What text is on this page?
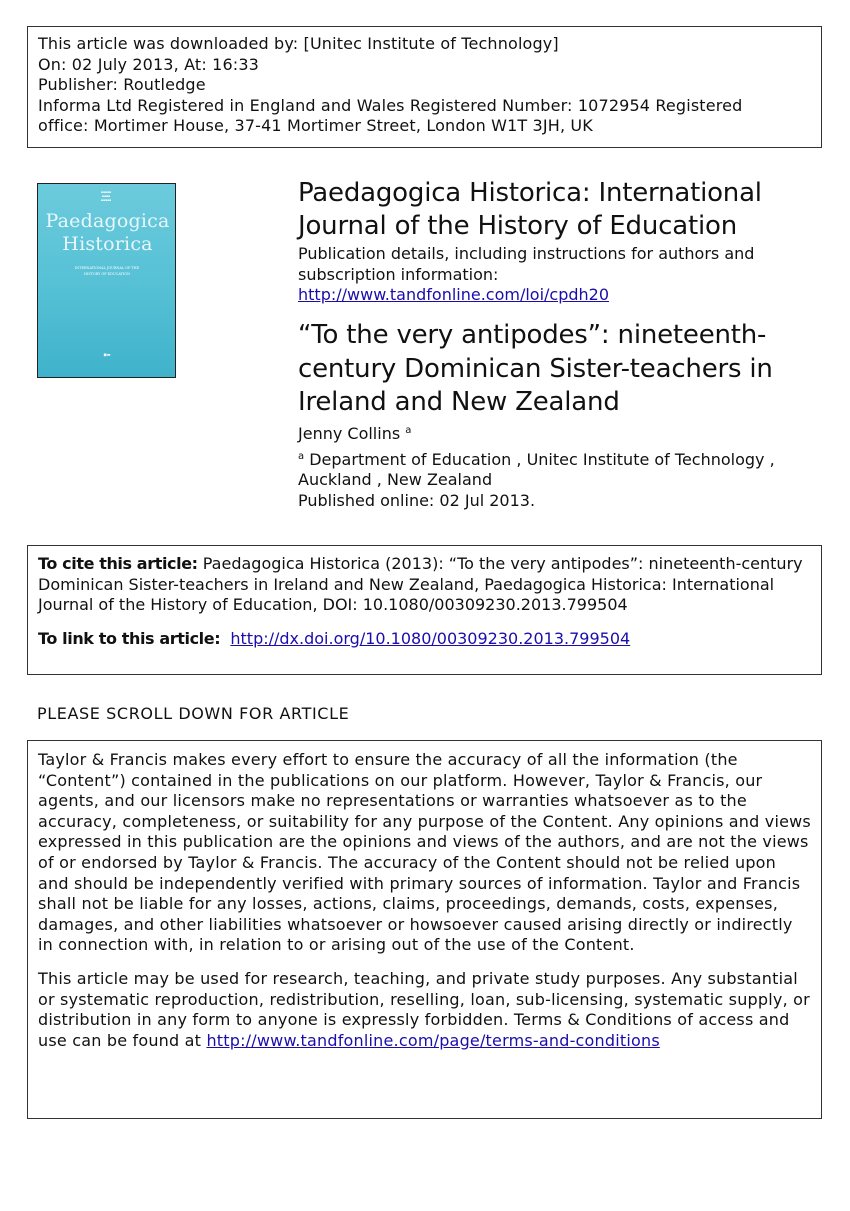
This article was downloaded by: [Unitec Institute of Technology]
On: 02 July 2013, At: 16:33
Publisher: Routledge
Informa Ltd Registered in England and Wales Registered Number: 1072954 Registered
office: Mortimer House, 37-41 Mortimer Street, London W1T 3JH, UK
▪▪▪▪▪
▪▪▪▪
▪▪▪▪▪
Paedagogica
Historica
INTERNATIONAL JOURNAL OF THE HISTORY OF EDUCATION
◼▬
Paedagogica Historica: International Journal of the History of Education
Publication details, including instructions for authors and subscription information:
http://www.tandfonline.com/loi/cpdh20
“To the very antipodes”: nineteenth-century Dominican Sister-teachers in Ireland and New Zealand
Jenny Collins $^a$
$^a$ Department of Education , Unitec Institute of Technology , Auckland , New Zealand
Published online: 02 Jul 2013.
To cite this article: Paedagogica Historica (2013): “To the very antipodes”: nineteenth-century Dominican Sister-teachers in Ireland and New Zealand, Paedagogica Historica: International Journal of the History of Education, DOI: 10.1080/00309230.2013.799504
To link to this article: http://dx.doi.org/10.1080/00309230.2013.799504
PLEASE SCROLL DOWN FOR ARTICLE

Taylor & Francis makes every effort to ensure the accuracy of all the information (the “Content”) contained in the publications on our platform. However, Taylor & Francis, our agents, and our licensors make no representations or warranties whatsoever as to the accuracy, completeness, or suitability for any purpose of the Content. Any opinions and views expressed in this publication are the opinions and views of the authors, and are not the views of or endorsed by Taylor & Francis. The accuracy of the Content should not be relied upon and should be independently verified with primary sources of information. Taylor and Francis shall not be liable for any losses, actions, claims, proceedings, demands, costs, expenses, damages, and other liabilities whatsoever or howsoever caused arising directly or indirectly in connection with, in relation to or arising out of the use of the Content.

This article may be used for research, teaching, and private study purposes. Any substantial or systematic reproduction, redistribution, reselling, loan, sub-licensing, systematic supply, or distribution in any form to anyone is expressly forbidden. Terms & Conditions of access and use can be found at http://www.tandfonline.com/page/terms-and-conditions
